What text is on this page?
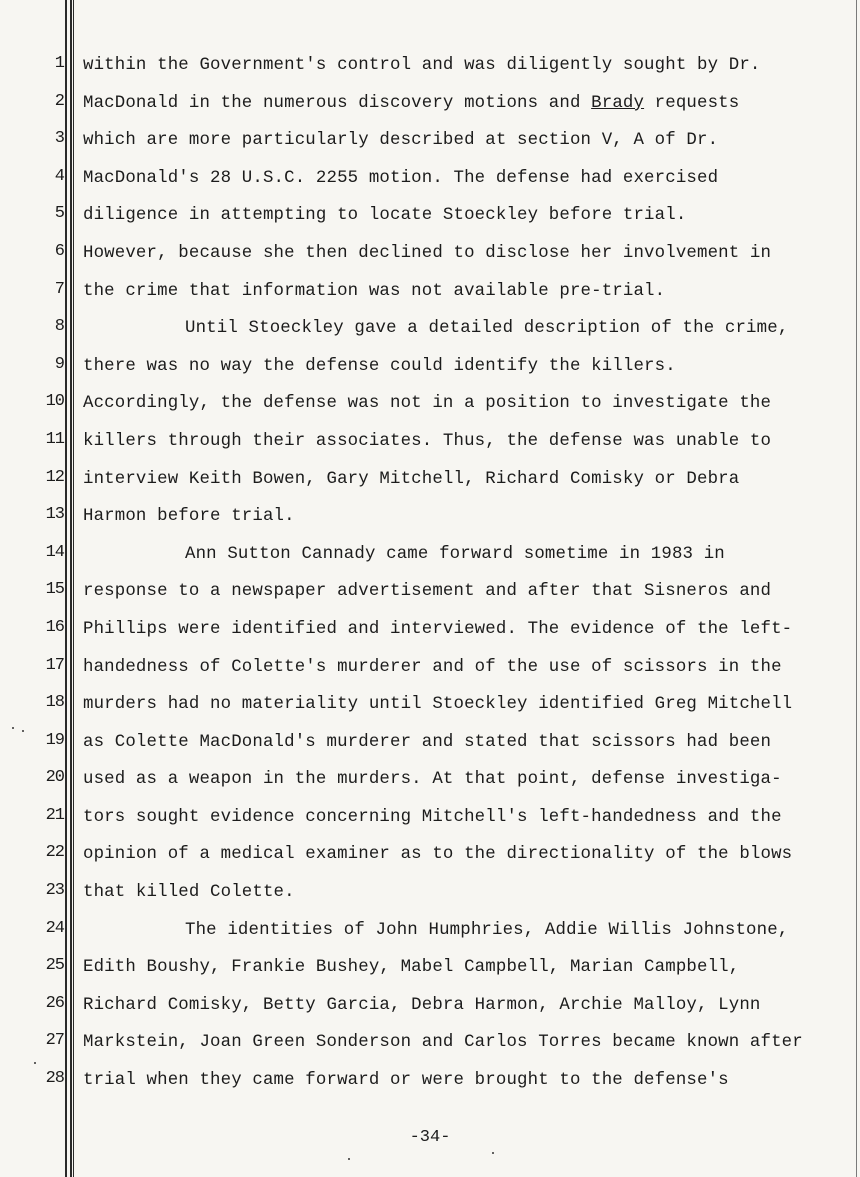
1 within the Government's control and was diligently sought by Dr.
2 MacDonald in the numerous discovery motions and Brady requests
3 which are more particularly described at section V, A of Dr.
4 MacDonald's 28 U.S.C. 2255 motion. The defense had exercised
5 diligence in attempting to locate Stoeckley before trial.
6 However, because she then declined to disclose her involvement in
7 the crime that information was not available pre-trial.
8	Until Stoeckley gave a detailed description of the crime,
9 there was no way the defense could identify the killers.
10 Accordingly, the defense was not in a position to investigate the
11 killers through their associates. Thus, the defense was unable to
12 interview Keith Bowen, Gary Mitchell, Richard Comisky or Debra
13 Harmon before trial.
14	Ann Sutton Cannady came forward sometime in 1983 in
15 response to a newspaper advertisement and after that Sisneros and
16 Phillips were identified and interviewed. The evidence of the left-
17 handedness of Colette's murderer and of the use of scissors in the
18 murders had no materiality until Stoeckley identified Greg Mitchell
19 as Colette MacDonald's murderer and stated that scissors had been
20 used as a weapon in the murders. At that point, defense investiga-
21 tors sought evidence concerning Mitchell's left-handedness and the
22 opinion of a medical examiner as to the directionality of the blows
23 that killed Colette.
24	The identities of John Humphries, Addie Willis Johnstone,
25 Edith Boushy, Frankie Bushey, Mabel Campbell, Marian Campbell,
26 Richard Comisky, Betty Garcia, Debra Harmon, Archie Malloy, Lynn
27 Markstein, Joan Green Sonderson and Carlos Torres became known after
28 trial when they came forward or were brought to the defense's
-34-
